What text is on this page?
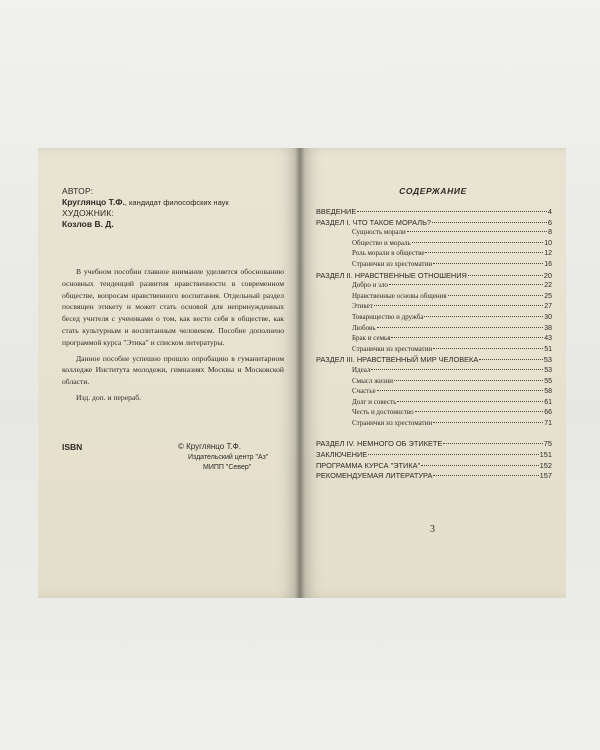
АВТОР:
Круглянцо Т.Ф., кандидат философских наук
ХУДОЖНИК:
Козлов В. Д.

В учебном пособии главное внимание уделяется обоснованию основных тенденций развития нравственности в современном обществе, вопросам нравственного воспитания. Отдельный раздел посвящен этикету и может стать основой для непринужденных бесед учителя с учениками о том, как вести себя в обществе, как стать культурным и воспитанным человеком. Пособие дополнено программой курса "Этика" и списком литературы.

Данное пособие успешно прошло опробацию в гуманитарном колледже Института молодежи, гимназиях Москвы и Московской области.

Изд. доп. и перераб.

ISBN	© Круглянцо Т.Ф.
Издательский центр "Аз"
МИПП "Север"
СОДЕРЖАНИЕ
ВВЕДЕНИЕ	4
РАЗДЕЛ I. ЧТО ТАКОЕ МОРАЛЬ?	6
Сущность морали	8
Общество и мораль	10
Роль морали в обществе	12
Странички из хрестоматии	16
РАЗДЕЛ II. НРАВСТВЕННЫЕ ОТНОШЕНИЯ	20
Добро и зло	22
Нравственные основы общения	25
Этикет	27
Товарищество и дружба	30
Любовь	38
Брак и семья	43
Странички из хрестоматии	51
РАЗДЕЛ III. НРАВСТВЕННЫЙ МИР ЧЕЛОВЕКА	53
Идеал	53
Смысл жизни	55
Счастье	58
Долг и совесть	61
Честь и достоинство	66
Странички из хрестоматии	71
РАЗДЕЛ IV. НЕМНОГО ОБ ЭТИКЕТЕ	75
ЗАКЛЮЧЕНИЕ	151
ПРОГРАММА КУРСА "ЭТИКА"	152
РЕКОМЕНДУЕМАЯ ЛИТЕРАТУРА	157
3
